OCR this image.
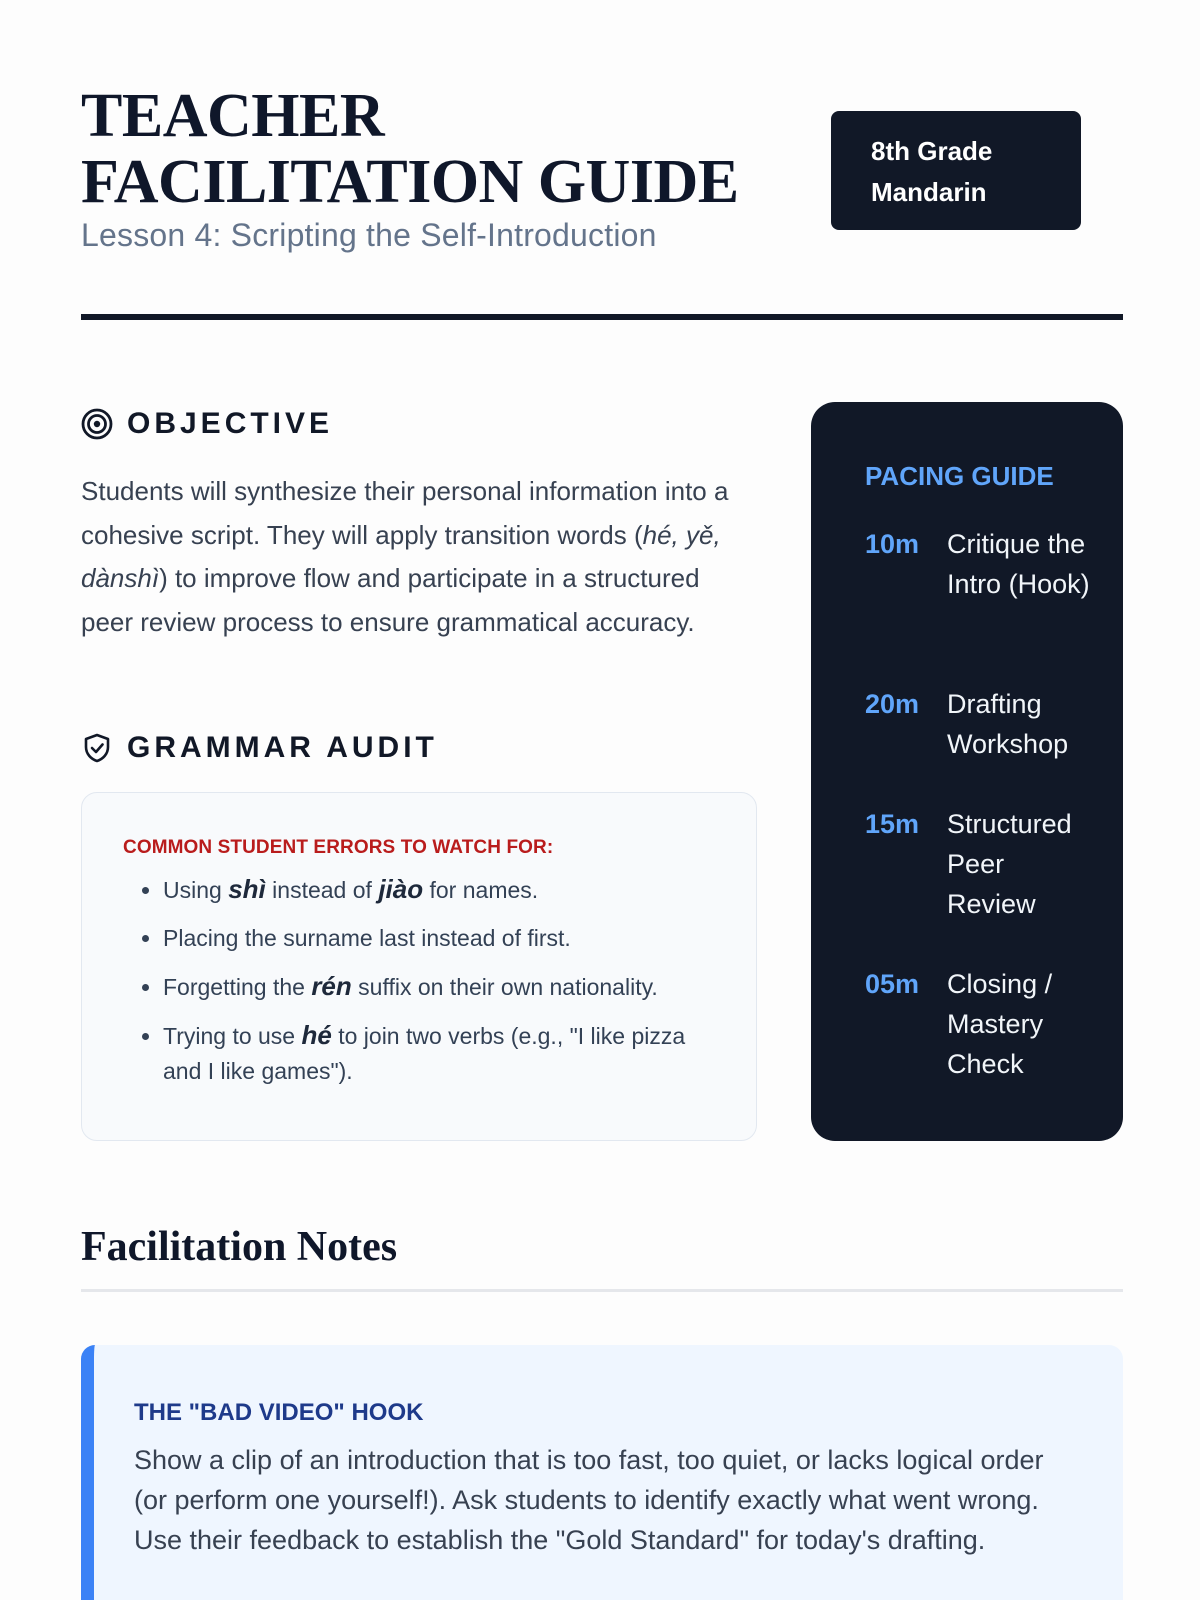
TEACHER FACILITATION GUIDE

Lesson 4: Scripting the Self-Introduction

8th Grade
Mandarin
OBJECTIVE

Students will synthesize their personal information into a cohesive script. They will apply transition words (hé, yě, dànshì) to improve flow and participate in a structured peer review process to ensure grammatical accuracy.

GRAMMAR AUDIT
COMMON STUDENT ERRORS TO WATCH FOR:
• Using shì instead of jiào for names.
• Placing the surname last instead of first.
• Forgetting the rén suffix on their own nationality.
• Trying to use hé to join two verbs (e.g., "I like pizza and I like games").
PACING GUIDE
10m Critique the Intro (Hook)
20m Drafting Workshop
15m Structured Peer Review
05m Closing / Mastery Check
Facilitation Notes
THE "BAD VIDEO" HOOK

Show a clip of an introduction that is too fast, too quiet, or lacks logical order (or perform one yourself!). Ask students to identify exactly what went wrong. Use their feedback to establish the "Gold Standard" for today's drafting.
